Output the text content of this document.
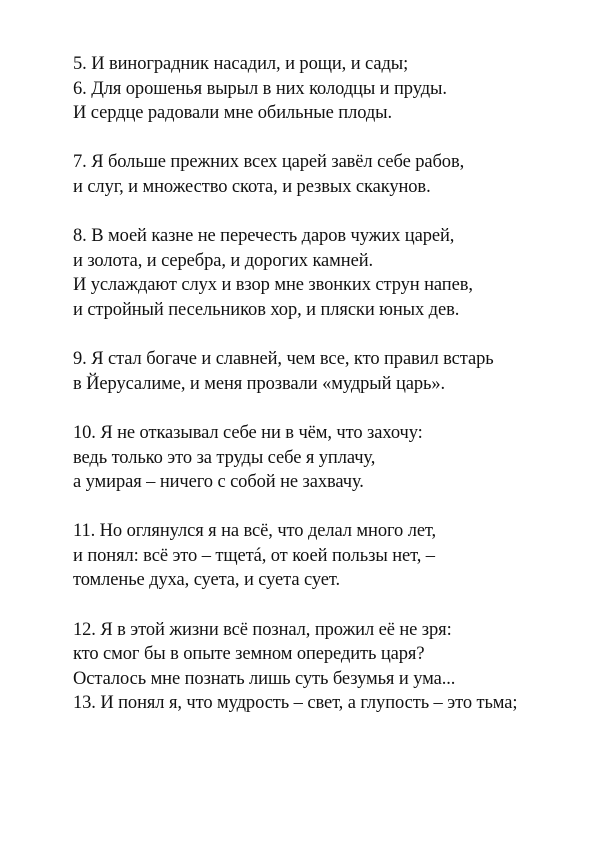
5. И виноградник насадил, и рощи, и сады;
6. Для орошенья вырыл в них колодцы и пруды.
И сердце радовали мне обильные плоды.
7. Я больше прежних всех царей завёл себе рабов,
и слуг, и множество скота, и резвых скакунов.
8. В моей казне не перечесть даров чужих царей,
и золота, и серебра, и дорогих камней.
И услаждают слух и взор мне звонких струн напев,
и стройный песельников хор, и пляски юных дев.
9. Я стал богаче и славней, чем все, кто правил встарь
в Йерусалиме, и меня прозвали «мудрый царь».
10. Я не отказывал себе ни в чём, что захочу:
ведь только это за труды себе я уплачу,
а умирая – ничего с собой не захвачу.
11. Но оглянулся я на всё, что делал много лет,
и понял: всё это – тщетá, от коей пользы нет, –
томленье духа, суета, и суета сует.
12. Я в этой жизни всё познал, прожил её не зря:
кто смог бы в опыте земном опередить царя?
Осталось мне познать лишь суть безумья и ума...
13. И понял я, что мудрость – свет, а глупость – это тьма;
